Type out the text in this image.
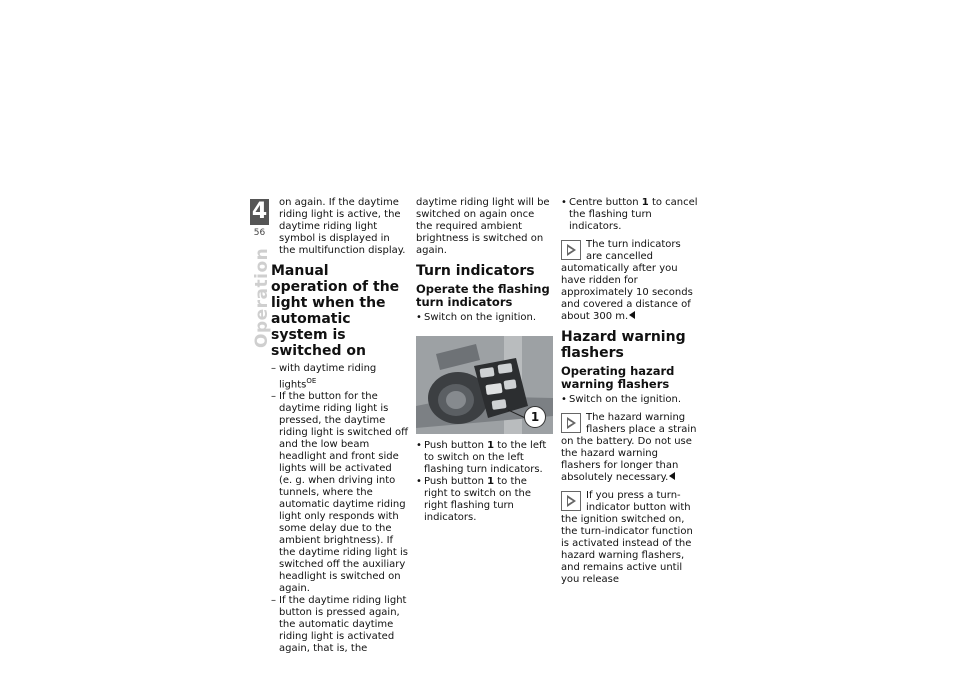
4
56
Operation

on again. If the daytime riding light is active, the daytime riding light symbol is displayed in the multifunction display.

Manual operation of the light when the automatic system is switched on

– with daytime riding lights$^{OE}$

– If the button for the daytime riding light is pressed, the daytime riding light is switched off and the low beam headlight and front side lights will be activated (e. g. when driving into tunnels, where the automatic daytime riding light only responds with some delay due to the ambient brightness). If the daytime riding light is switched off the auxiliary headlight is switched on again.

– If the daytime riding light button is pressed again, the automatic daytime riding light is activated again, that is, the

daytime riding light will be switched on again once the required ambient brightness is switched on again.

Turn indicators
Operate the flashing turn indicators

• Switch on the ignition.

1

• Push button 1 to the left to switch on the left flashing turn indicators.

• Push button 1 to the right to switch on the right flashing turn indicators.

• Centre button 1 to cancel the flashing turn indicators.

The turn indicators are cancelled automatically after you have ridden for approximately 10 seconds and covered a distance of about 300 m.
Hazard warning flashers
Operating hazard warning flashers

• Switch on the ignition.

The hazard warning flashers place a strain on the battery. Do not use the hazard warning flashers for longer than absolutely necessary.
If you press a turn-indicator button with the ignition switched on, the turn-indicator function is activated instead of the hazard warning flashers, and remains active until you release
